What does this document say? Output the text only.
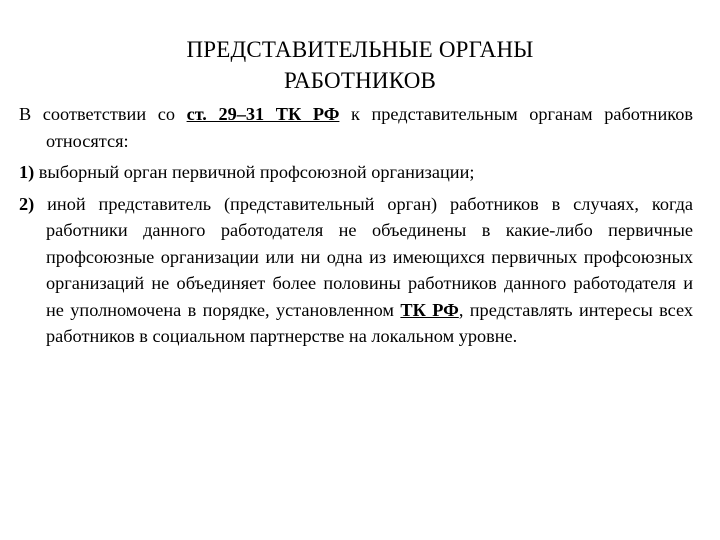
ПРЕДСТАВИТЕЛЬНЫЕ ОРГАНЫ
РАБОТНИКОВ

В соответствии со ст. 29–31 ТК РФ к представительным органам работников относятся:

1) выборный орган первичной профсоюзной организации;

2) иной представитель (представительный орган) работников в случаях, когда работники данного работодателя не объединены в какие-либо первичные профсоюзные организации или ни одна из имеющихся первичных профсоюзных организаций не объединяет более половины работников данного работодателя и не уполномочена в порядке, установленном ТК РФ, представлять интересы всех работников в социальном партнерстве на локальном уровне.
